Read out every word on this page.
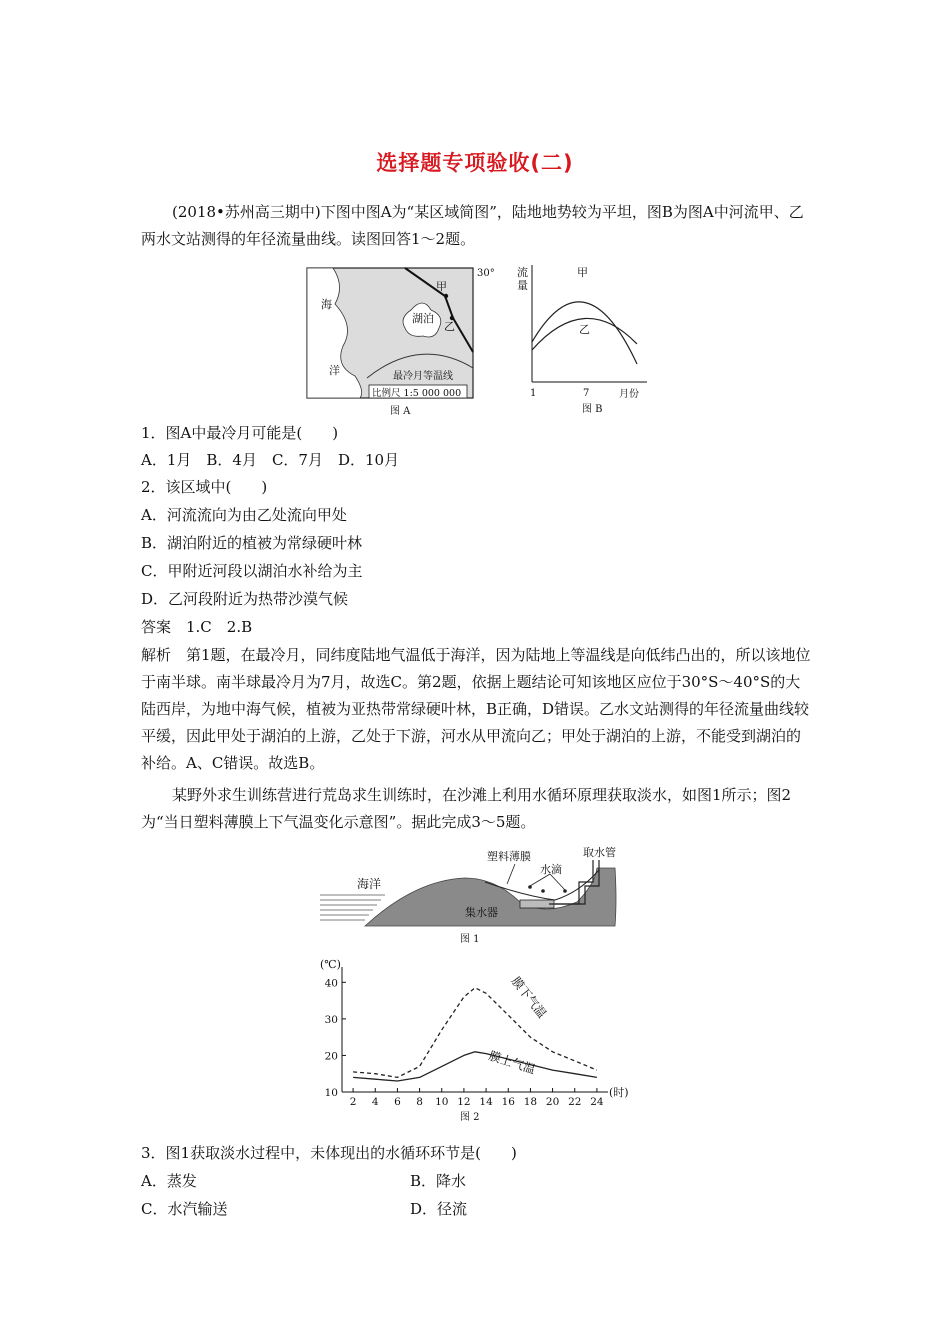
选择题专项验收(二)
(2018•苏州高三期中)下图中图A为“某区域简图”，陆地地势较为平坦，图B为图A中河流甲、乙两水文站测得的年径流量曲线。读图回答1～2题。
30°
海
洋
湖泊
甲
乙
最冷月等温线
比例尺 1:5 000 000
图 A
流
量
甲
乙
1	7	月份
图 B
1．图A中最冷月可能是(　　)
A．1月　B．4月　C．7月　D．10月
2．该区域中(　　)
A．河流流向为由乙处流向甲处
B．湖泊附近的植被为常绿硬叶林
C．甲附近河段以湖泊水补给为主
D．乙河段附近为热带沙漠气候
答案　1.C　2.B
解析　第1题，在最冷月，同纬度陆地气温低于海洋，因为陆地上等温线是向低纬凸出的，所以该地位于南半球。南半球最冷月为7月，故选C。第2题，依据上题结论可知该地区应位于30°S～40°S的大陆西岸，为地中海气候，植被为亚热带常绿硬叶林，B正确，D错误。乙水文站测得的年径流量曲线较平缓，因此甲处于湖泊的上游，乙处于下游，河水从甲流向乙；甲处于湖泊的上游，不能受到湖泊的补给。A、C错误。故选B。
某野外求生训练营进行荒岛求生训练时，在沙滩上利用水循环原理获取淡水，如图1所示；图2为“当日塑料薄膜上下气温变化示意图”。据此完成3～5题。
海洋
塑料薄膜
水滴
取水管
集水器
图 1
40
30
20
10
2 4 6 8 10 12 14 16 18 20 22 24
(℃)
(时)
膜下气温
膜上气温
图 2
3．图1获取淡水过程中，未体现出的水循环环节是(　　)
A．蒸发	B．降水
C．水汽输送	D．径流
